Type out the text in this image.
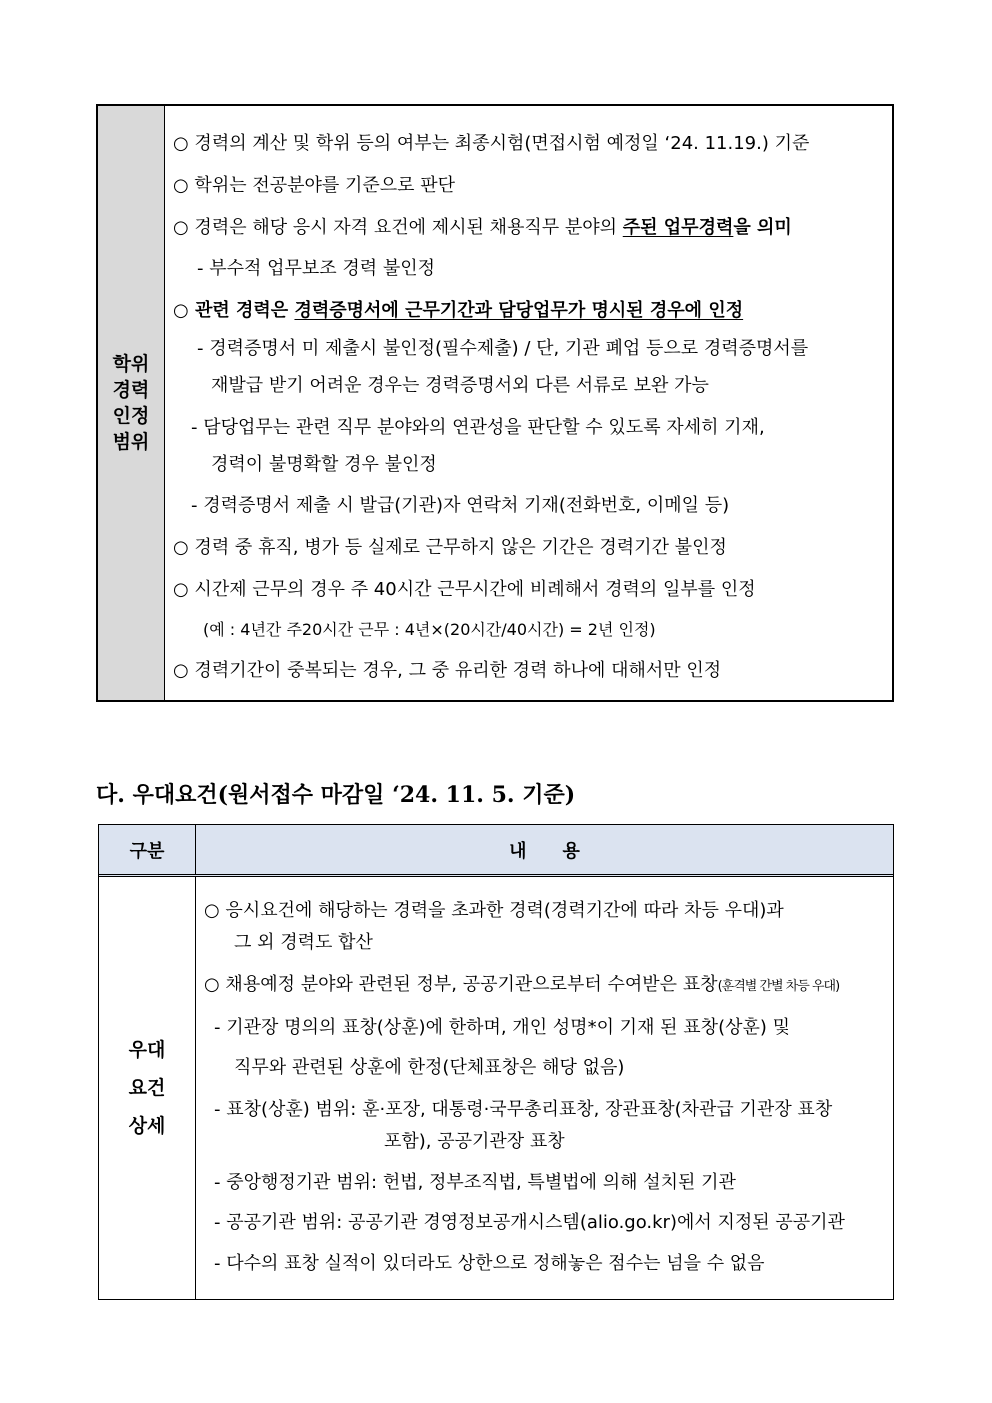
학위
경력
인정
범위
○ 경력의 계산 및 학위 등의 여부는 최종시험(면접시험 예정일 ‘24. 11.19.) 기준
○ 학위는 전공분야를 기준으로 판단
○ 경력은 해당 응시 자격 요건에 제시된 채용직무 분야의 주된 업무경력을 의미
- 부수적 업무보조 경력 불인정
○ 관련 경력은 경력증명서에 근무기간과 담당업무가 명시된 경우에 인정
- 경력증명서 미 제출시 불인정(필수제출) / 단, 기관 폐업 등으로 경력증명서를
재발급 받기 어려운 경우는 경력증명서외 다른 서류로 보완 가능
- 담당업무는 관련 직무 분야와의 연관성을 판단할 수 있도록 자세히 기재,
경력이 불명확할 경우 불인정
- 경력증명서 제출 시 발급(기관)자 연락처 기재(전화번호, 이메일 등)
○ 경력 중 휴직, 병가 등 실제로 근무하지 않은 기간은 경력기간 불인정
○ 시간제 근무의 경우 주 40시간 근무시간에 비례해서 경력의 일부를 인정
(예 : 4년간 주20시간 근무 : 4년×(20시간/40시간) = 2년 인정)
○ 경력기간이 중복되는 경우, 그 중 유리한 경력 하나에 대해서만 인정
다. 우대요건(원서접수 마감일 ‘24. 11. 5. 기준)
구분	내용
우대
요건
상세
○ 응시요건에 해당하는 경력을 초과한 경력(경력기간에 따라 차등 우대)과
그 외 경력도 합산
○ 채용예정 분야와 관련된 정부, 공공기관으로부터 수여받은 표창(훈격별 간별 차등 우대)
- 기관장 명의의 표창(상훈)에 한하며, 개인 성명*이 기재 된 표창(상훈) 및
직무와 관련된 상훈에 한정(단체표창은 해당 없음)
- 표창(상훈) 범위: 훈·포장, 대통령·국무총리표창, 장관표창(차관급 기관장 표창
포함), 공공기관장 표창
- 중앙행정기관 범위: 헌법, 정부조직법, 특별법에 의해 설치된 기관
- 공공기관 범위: 공공기관 경영정보공개시스템(alio.go.kr)에서 지정된 공공기관
- 다수의 표창 실적이 있더라도 상한으로 정해놓은 점수는 넘을 수 없음
